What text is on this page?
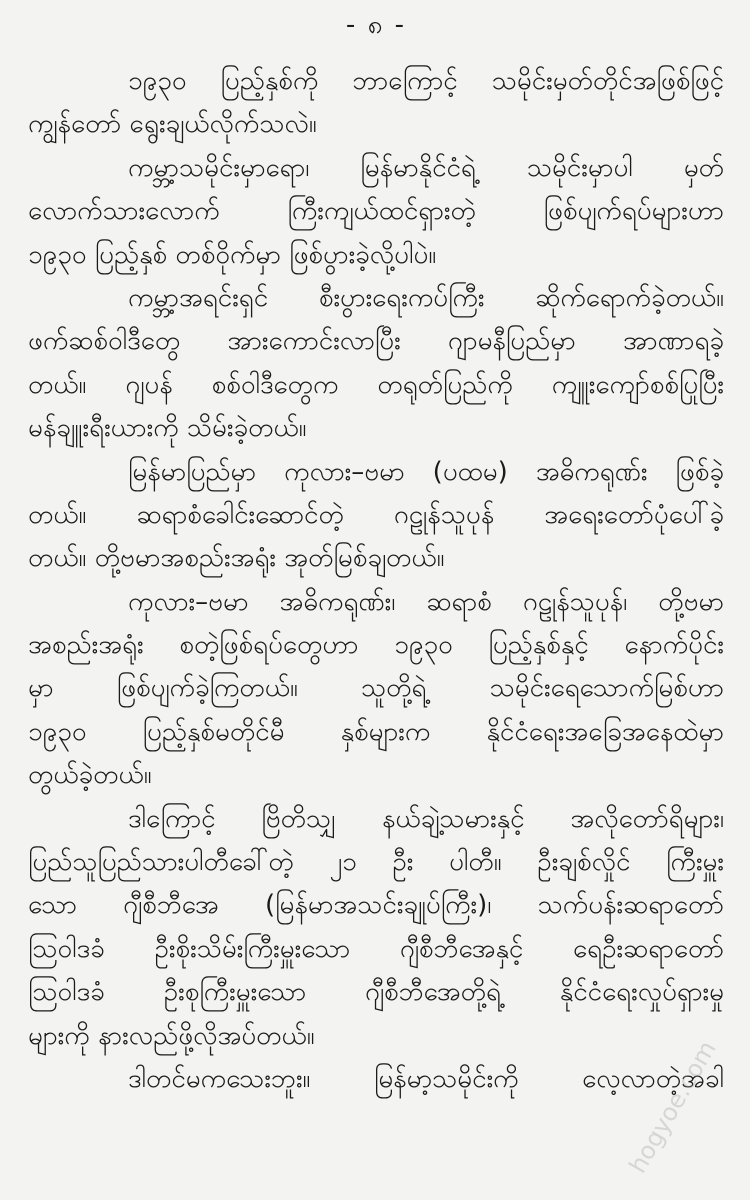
- ၈ -
၁၉၃၀ ပြည့်နှစ်ကို ဘာကြောင့် သမိုင်းမှတ်တိုင်အဖြစ်ဖြင့်
ကျွန်တော် ရွေးချယ်လိုက်သလဲ။
ကမ္ဘာ့သမိုင်းမှာရော၊ မြန်မာနိုင်ငံရဲ့ သမိုင်းမှာပါ မှတ်
လောက်သားလောက် ကြီးကျယ်ထင်ရှားတဲ့ ဖြစ်ပျက်ရပ်များဟာ
၁၉၃၀ ပြည့်နှစ် တစ်ဝိုက်မှာ ဖြစ်ပွားခဲ့လို့ပါပဲ။
ကမ္ဘာ့အရင်းရှင် စီးပွားရေးကပ်ကြီး ဆိုက်ရောက်ခဲ့တယ်။
ဖက်ဆစ်ဝါဒီတွေ အားကောင်းလာပြီး ဂျာမနီပြည်မှာ အာဏာရခဲ့
တယ်။ ဂျပန် စစ်ဝါဒီတွေက တရုတ်ပြည်ကို ကျူးကျော်စစ်ပြုပြီး
မန်ချူးရီးယားကို သိမ်းခဲ့တယ်။
မြန်မာပြည်မှာ ကုလား–ဗမာ (ပထမ) အဓိကရုဏ်း ဖြစ်ခဲ့
တယ်။ ဆရာစံခေါင်းဆောင်တဲ့ ဂဠုန်သူပုန် အရေးတော်ပုံပေါ်ခဲ့
တယ်။ တို့ဗမာအစည်းအရုံး အုတ်မြစ်ချတယ်။
ကုလား–ဗမာ အဓိကရုဏ်း၊ ဆရာစံ ဂဠုန်သူပုန်၊ တို့ဗမာ
အစည်းအရုံး စတဲ့ဖြစ်ရပ်တွေဟာ ၁၉၃၀ ပြည့်နှစ်နှင့် နောက်ပိုင်း
မှာ ဖြစ်ပျက်ခဲ့ကြတယ်။ သူတို့ရဲ့ သမိုင်းရေသောက်မြစ်ဟာ
၁၉၃၀ ပြည့်နှစ်မတိုင်မီ နှစ်များက နိုင်ငံရေးအခြေအနေထဲမှာ
တွယ်ခဲ့တယ်။
ဒါကြောင့် ဗြိတိသျှ နယ်ချဲ့သမားနှင့် အလိုတော်ရိများ၊
ပြည်သူပြည်သားပါတီခေါ်တဲ့ ၂၁ ဦး ပါတီ။ ဦးချစ်လှိုင် ကြီးမှူး
သော ဂျီစီဘီအေ (မြန်မာအသင်းချုပ်ကြီး)၊ သက်ပန်းဆရာတော်
ဩဝါဒခံ ဦးစိုးသိမ်းကြီးမှူးသော ဂျီစီဘီအေနှင့် ရေဦးဆရာတော်
ဩဝါဒခံ ဦးစုကြီးမှူးသော ဂျီစီဘီအေတို့ရဲ့ နိုင်ငံရေးလှုပ်ရှားမှု
များကို နားလည်ဖို့လိုအပ်တယ်။
ဒါတင်မကသေးဘူး။ မြန်မာ့သမိုင်းကို လေ့လာတဲ့အခါ
hogyoe.com
